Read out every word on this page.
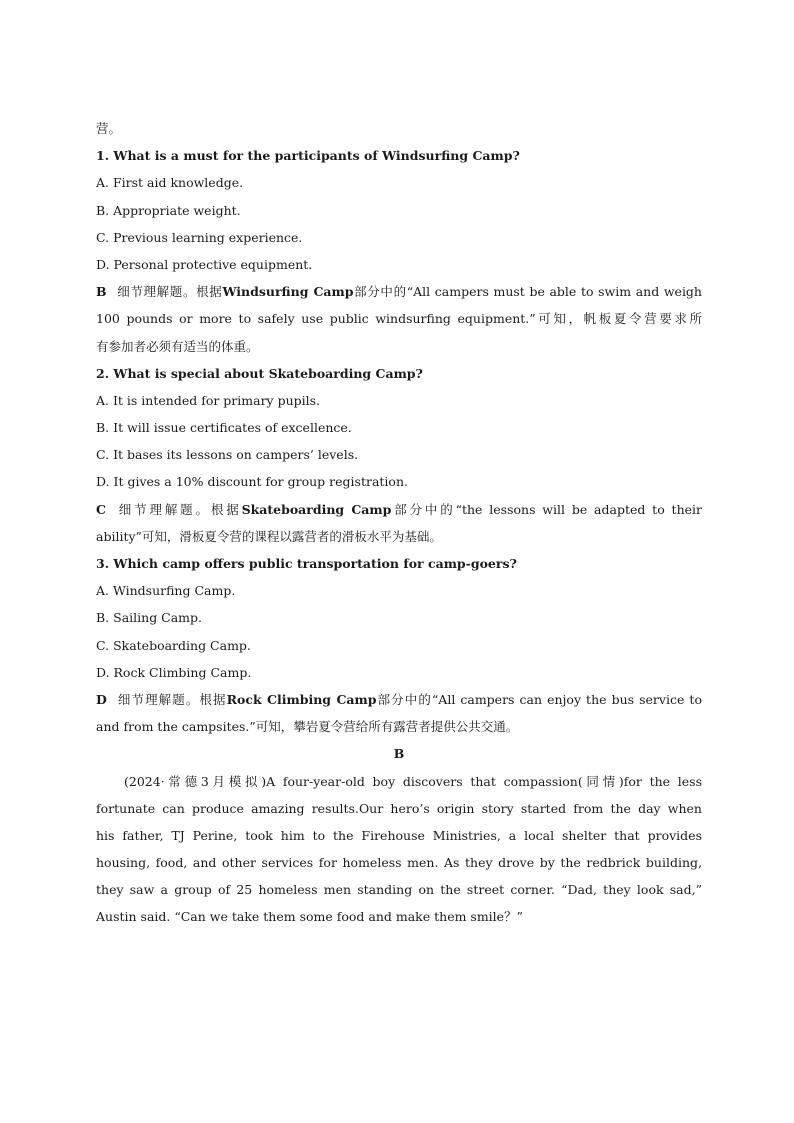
营。
1. What is a must for the participants of Windsurfing Camp?
A. First aid knowledge.
B. Appropriate weight.
C. Previous learning experience.
D. Personal protective equipment.
B 细节理解题。根据Windsurfing Camp部分中的“All campers must be able to swim and weigh
100 pounds or more to safely use public windsurfing equipment.”可知，帆板夏令营要求所
有参加者必须有适当的体重。
2. What is special about Skateboarding Camp?
A. It is intended for primary pupils.
B. It will issue certificates of excellence.
C. It bases its lessons on campers’ levels.
D. It gives a 10% discount for group registration.
C 细节理解题。根据Skateboarding Camp部分中的“the lessons will be adapted to their
ability”可知，滑板夏令营的课程以露营者的滑板水平为基础。
3. Which camp offers public transportation for camp-goers?
A. Windsurfing Camp.
B. Sailing Camp.
C. Skateboarding Camp.
D. Rock Climbing Camp.
D 细节理解题。根据Rock Climbing Camp部分中的“All campers can enjoy the bus service to
and from the campsites.”可知，攀岩夏令营给所有露营者提供公共交通。
B
(2024·常德3月模拟)A four-year-old boy discovers that compassion(同情)for the less
fortunate can produce amazing results.Our hero’s origin story started from the day when
his father, TJ Perine, took him to the Firehouse Ministries, a local shelter that provides
housing, food, and other services for homeless men. As they drove by the redbrick building,
they saw a group of 25 homeless men standing on the street corner. “Dad, they look sad,”
Austin said. “Can we take them some food and make them smile？”
